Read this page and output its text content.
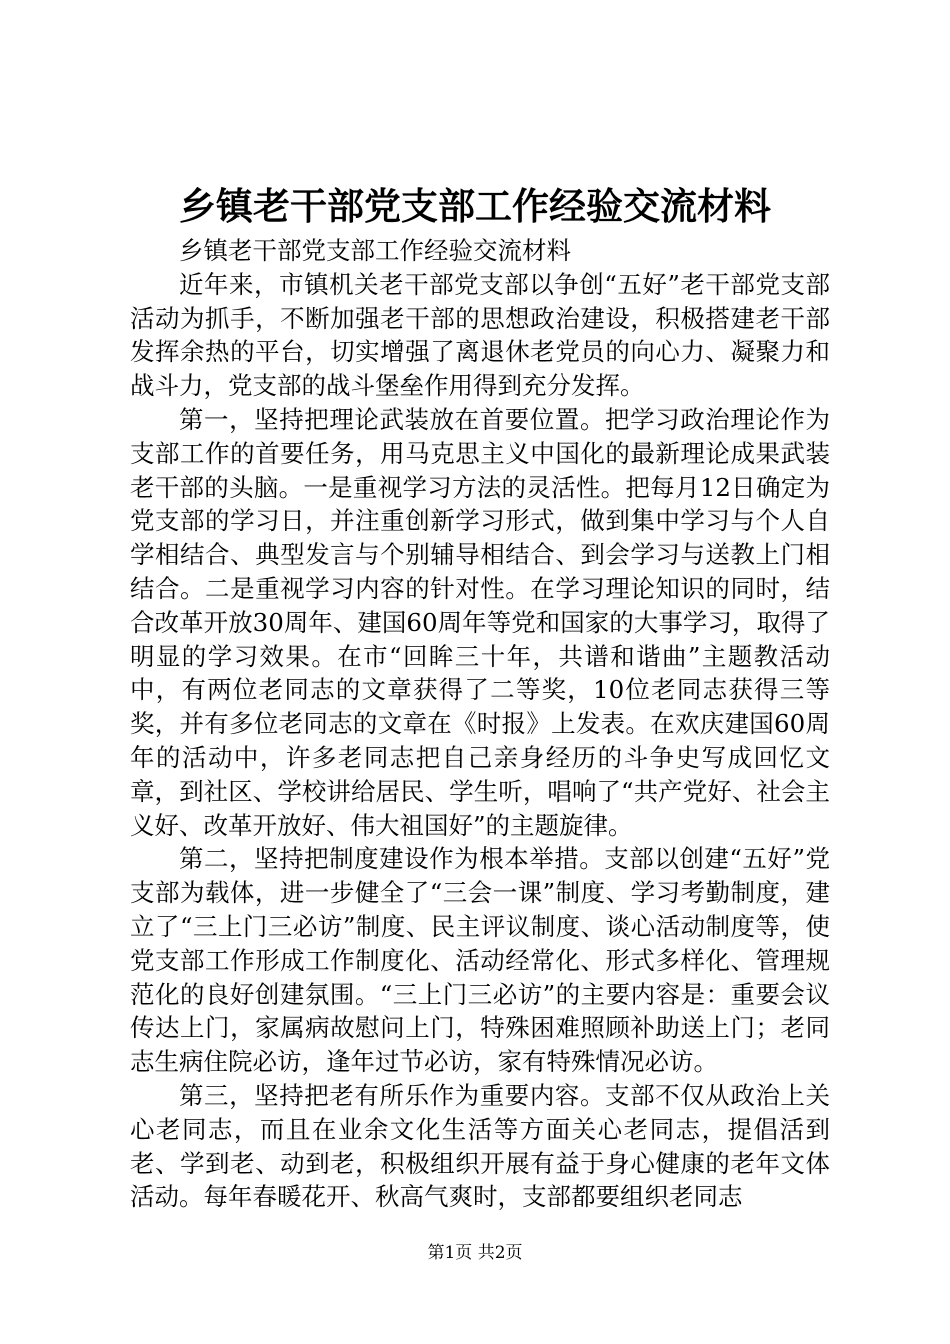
乡镇老干部党支部工作经验交流材料

乡镇老干部党支部工作经验交流材料

近年来，市镇机关老干部党支部以争创“五好”老干部党支部活动为抓手，不断加强老干部的思想政治建设，积极搭建老干部发挥余热的平台，切实增强了离退休老党员的向心力、凝聚力和战斗力，党支部的战斗堡垒作用得到充分发挥。

第一，坚持把理论武装放在首要位置。把学习政治理论作为支部工作的首要任务，用马克思主义中国化的最新理论成果武装老干部的头脑。一是重视学习方法的灵活性。把每月12日确定为党支部的学习日，并注重创新学习形式，做到集中学习与个人自学相结合、典型发言与个别辅导相结合、到会学习与送教上门相结合。二是重视学习内容的针对性。在学习理论知识的同时，结合改革开放30周年、建国60周年等党和国家的大事学习，取得了明显的学习效果。在市“回眸三十年，共谱和谐曲”主题教活动中，有两位老同志的文章获得了二等奖，10位老同志获得三等奖，并有多位老同志的文章在《时报》上发表。在欢庆建国60周年的活动中，许多老同志把自己亲身经历的斗争史写成回忆文章，到社区、学校讲给居民、学生听，唱响了“共产党好、社会主义好、改革开放好、伟大祖国好”的主题旋律。

第二，坚持把制度建设作为根本举措。支部以创建“五好”党支部为载体，进一步健全了“三会一课”制度、学习考勤制度，建立了“三上门三必访”制度、民主评议制度、谈心活动制度等，使党支部工作形成工作制度化、活动经常化、形式多样化、管理规范化的良好创建氛围。“三上门三必访”的主要内容是：重要会议传达上门，家属病故慰问上门，特殊困难照顾补助送上门；老同志生病住院必访，逢年过节必访，家有特殊情况必访。

第三，坚持把老有所乐作为重要内容。支部不仅从政治上关心老同志，而且在业余文化生活等方面关心老同志，提倡活到老、学到老、动到老，积极组织开展有益于身心健康的老年文体活动。每年春暖花开、秋高气爽时，支部都要组织老同志

第1页 共2页
